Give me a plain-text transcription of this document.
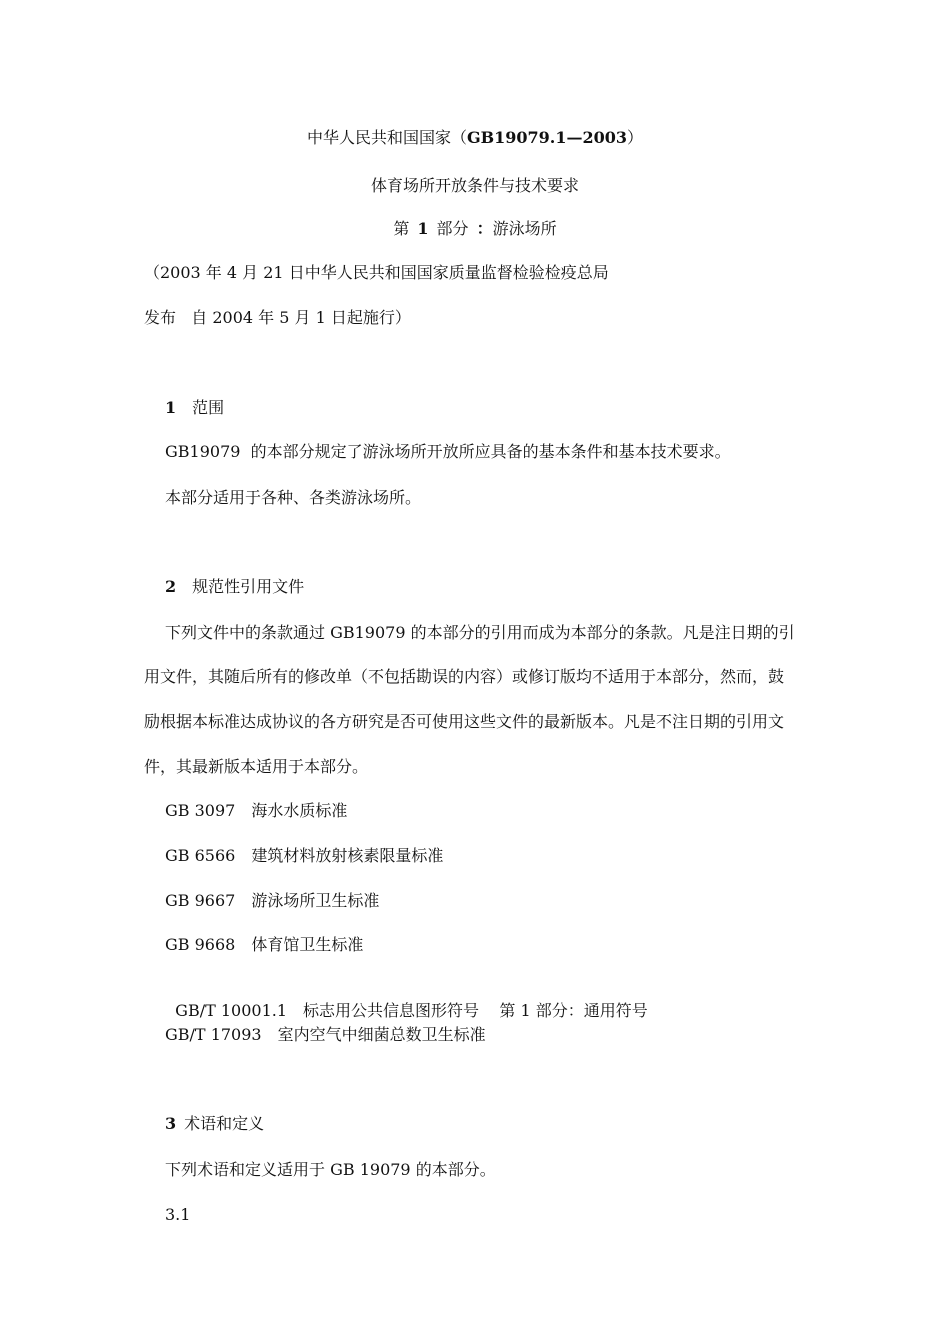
中华人民共和国国家（GB19079.1—2003）
体育场所开放条件与技术要求
第 1 部分 ：游泳场所
（2003 年 4 月 21 日中华人民共和国国家质量监督检验检疫总局
发布   自 2004 年 5 月 1 日起施行）
1 范围
GB19079  的本部分规定了游泳场所开放所应具备的基本条件和基本技术要求。
本部分适用于各种、各类游泳场所。
2 规范性引用文件
下列文件中的条款通过 GB19079 的本部分的引用而成为本部分的条款。凡是注日期的引
用文件，其随后所有的修改单（不包括勘误的内容）或修订版均不适用于本部分，然而，鼓
励根据本标准达成协议的各方研究是否可使用这些文件的最新版本。凡是不注日期的引用文
件，其最新版本适用于本部分。
GB 3097 海水水质标准
GB 6566 建筑材料放射核素限量标准
GB 9667 游泳场所卫生标准
GB 9668 体育馆卫生标准

GB/T 10001.1 标志用公共信息图形符号    第 1 部分：通用符号

GB/T 17093 室内空气中细菌总数卫生标准
3 术语和定义
下列术语和定义适用于 GB 19079 的本部分。
3.1
